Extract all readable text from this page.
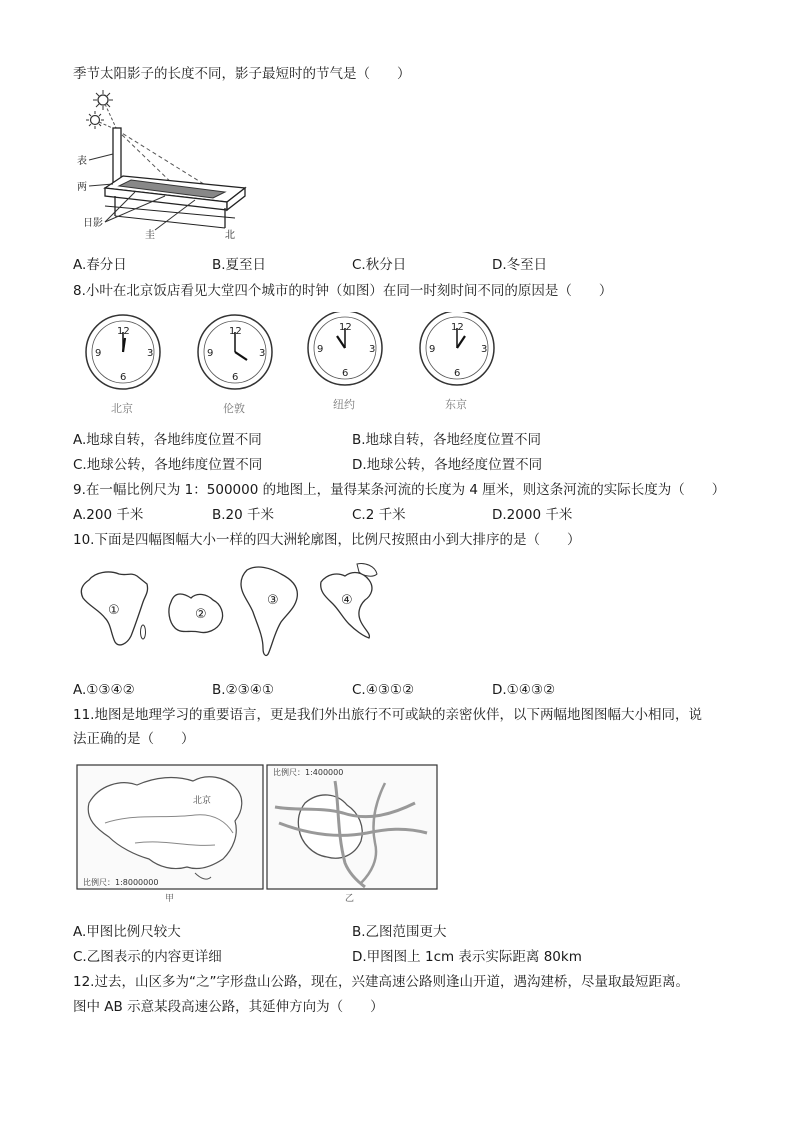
季节太阳影子的长度不同，影子最短时的节气是（　　）
表
两
日影
圭	北
A.春分日	B.夏至日	C.秋分日	D.冬至日
8.小叶在北京饭店看见大堂四个城市的时钟（如图）在同一时刻时间不同的原因是（　　）
12
3
6
9
北京
12
3
6
9
伦敦
12
3
6
9
纽约
12
3
6
9
东京
A.地球自转，各地纬度位置不同	B.地球自转，各地经度位置不同
C.地球公转，各地纬度位置不同	D.地球公转，各地经度位置不同
9.在一幅比例尺为 1：500000 的地图上，量得某条河流的长度为 4 厘米，则这条河流的实际长度为（　　）
A.200 千米	B.20 千米	C.2 千米	D.2000 千米
10.下面是四幅图幅大小一样的四大洲轮廓图，比例尺按照由小到大排序的是（　　）
①	②
③	④
A.①③④②	B.②③④①	C.④③①②	D.①④③②
11.地图是地理学习的重要语言，更是我们外出旅行不可或缺的亲密伙伴，以下两幅地图图幅大小相同，说
法正确的是（　　）
北京
比例尺：1:8000000
甲
比例尺：1:400000
乙
A.甲图比例尺较大	B.乙图范围更大
C.乙图表示的内容更详细	D.甲图图上 1cm 表示实际距离 80km
12.过去，山区多为“之”字形盘山公路，现在，兴建高速公路则逢山开道，遇沟建桥，尽量取最短距离。
图中 AB 示意某段高速公路，其延伸方向为（　　）
